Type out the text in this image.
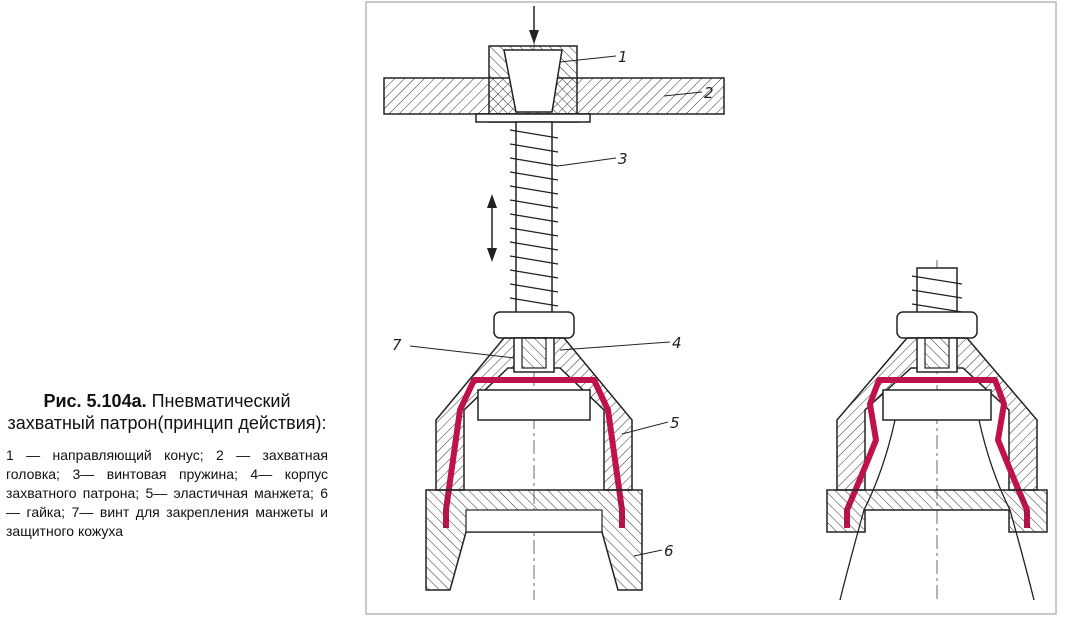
Рис. 5.104а. Пневматический захватный патрон(принцип действия):

1 — направляющий конус; 2 — захватная головка; 3— винтовая пружина; 4— корпус захватного патрона; 5— эластичная манжета; 6 — гайка; 7— винт для закрепления манжеты и защитного кожуха

1
2
3
4
5
6
7
